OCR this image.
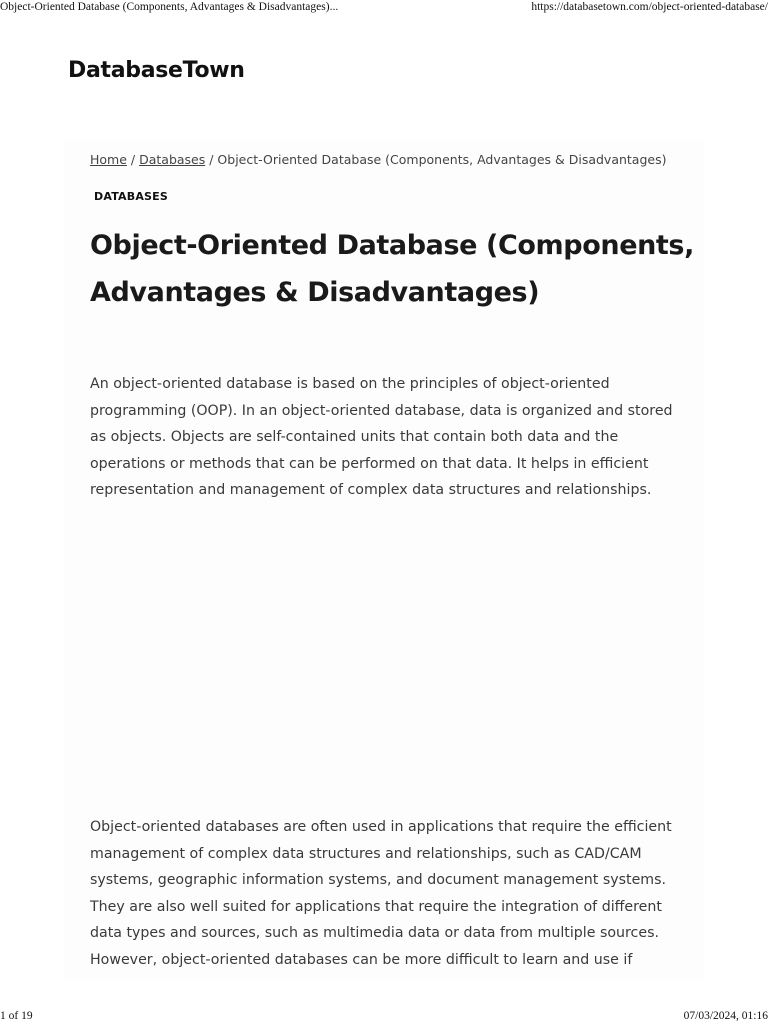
Object-Oriented Database (Components, Advantages & Disadvantages)...	https://databasetown.com/object-oriented-database/
DatabaseTown
Home / Databases / Object-Oriented Database (Components, Advantages & Disadvantages)
DATABASES
Object-Oriented Database (Components, Advantages & Disadvantages)

An object-oriented database is based on the principles of object-oriented programming (OOP). In an object-oriented database, data is organized and stored as objects. Objects are self-contained units that contain both data and the operations or methods that can be performed on that data. It helps in efficient representation and management of complex data structures and relationships.

Object-oriented databases are often used in applications that require the efficient management of complex data structures and relationships, such as CAD/CAM systems, geographic information systems, and document management systems. They are also well suited for applications that require the integration of different data types and sources, such as multimedia data or data from multiple sources. However, object-oriented databases can be more difficult to learn and use if

1 of 19	07/03/2024, 01:16
